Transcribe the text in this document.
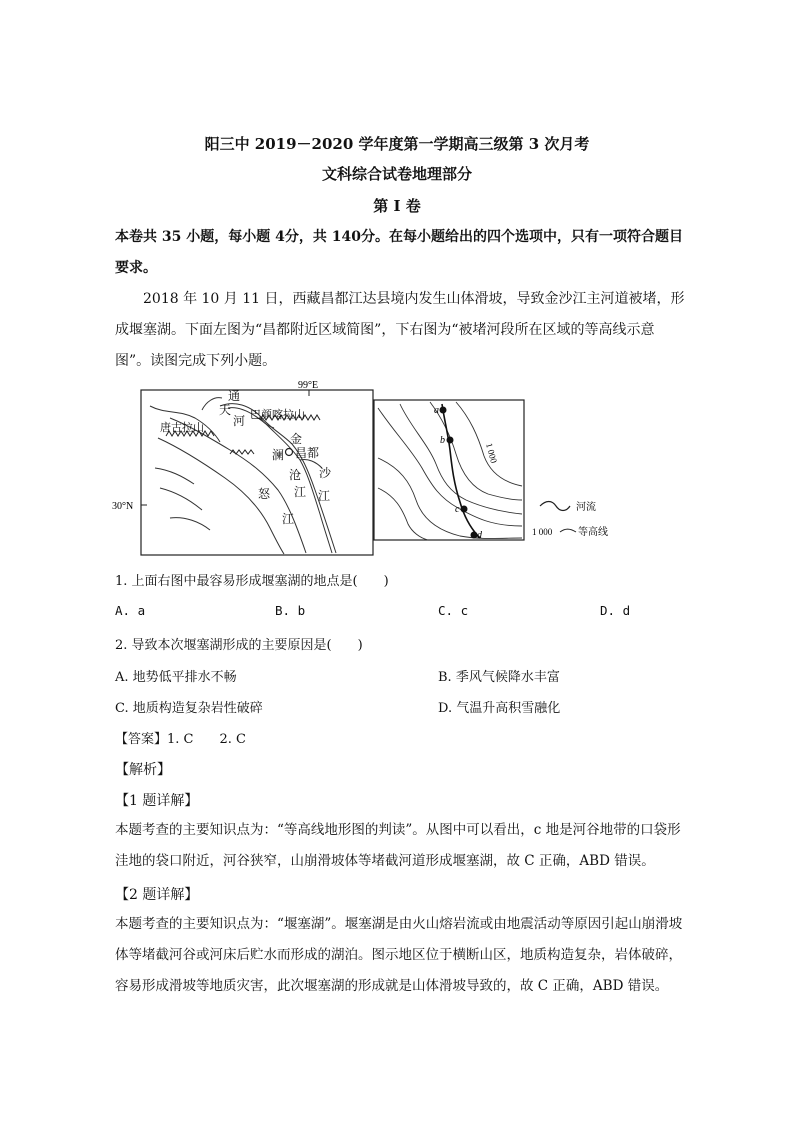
阳三中 2019－2020 学年度第一学期高三级第 3 次月考
文科综合试卷地理部分
第 I 卷
本卷共 35 小题，每小题 4分，共 140分。在每小题给出的四个选项中，只有一项符合题目要求。
2018 年 10 月 11 日，西藏昌都江达县境内发生山体滑坡，导致金沙江主河道被堵，形成堰塞湖。下面左图为“昌都附近区域简图”，下右图为“被堵河段所在区域的等高线示意图”。读图完成下列小题。
99°E
30°N
通
天
河 巴颜喀拉山
唐古拉山
金
澜 昌都
沧 沙
江 江
怒
江
a
b
c
d
1 000
河流
1 000	等高线
1. 上面右图中最容易形成堰塞湖的地点是(　　)
A. a	B. b	C. c	D. d
2. 导致本次堰塞湖形成的主要原因是(　　)
A. 地势低平排水不畅	B. 季风气候降水丰富
C. 地质构造复杂岩性破碎	D. 气温升高积雪融化
【答案】1. C　　2. C
【解析】
【1 题详解】
本题考查的主要知识点为：“等高线地形图的判读”。从图中可以看出，c 地是河谷地带的口袋形洼地的袋口附近，河谷狭窄，山崩滑坡体等堵截河道形成堰塞湖，故 C 正确，ABD 错误。
【2 题详解】
本题考查的主要知识点为：“堰塞湖”。堰塞湖是由火山熔岩流或由地震活动等原因引起山崩滑坡体等堵截河谷或河床后贮水而形成的湖泊。图示地区位于横断山区，地质构造复杂，岩体破碎，容易形成滑坡等地质灾害，此次堰塞湖的形成就是山体滑坡导致的，故 C 正确，ABD 错误。
